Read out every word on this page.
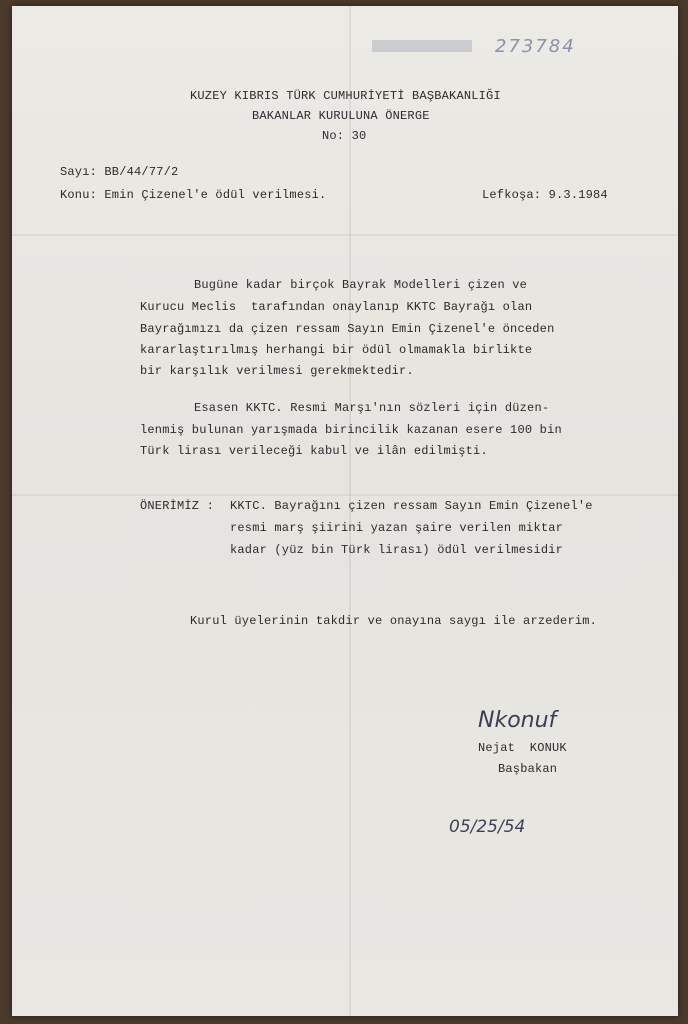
273784
KUZEY KIBRIS TÜRK CUMHURİYETİ BAŞBAKANLIĞI
BAKANLAR KURULUNA ÖNERGE
No: 30
Sayı: BB/44/77/2
Konu: Emin Çizenel'e ödül verilmesi.	Lefkoşa: 9.3.1984
Bugüne kadar birçok Bayrak Modelleri çizen ve
Kurucu Meclis  tarafından onaylanıp KKTC Bayrağı olan
Bayrağımızı da çizen ressam Sayın Emin Çizenel'e önceden
kararlaştırılmış herhangi bir ödül olmamakla birlikte
bir karşılık verilmesi gerekmektedir.
Esasen KKTC. Resmi Marşı'nın sözleri için düzen-
lenmiş bulunan yarışmada birincilik kazanan esere 100 bin
Türk lirası verileceği kabul ve ilân edilmişti.
ÖNERİMİZ : KKTC. Bayrağını çizen ressam Sayın Emin Çizenel'e
resmi marş şiirini yazan şaire verilen miktar
kadar (yüz bin Türk lirası) ödül verilmesidir
Kurul üyelerinin takdir ve onayına saygı ile arzederim.
Nkonuf
Nejat  KONUK
Başbakan
05/25/54
